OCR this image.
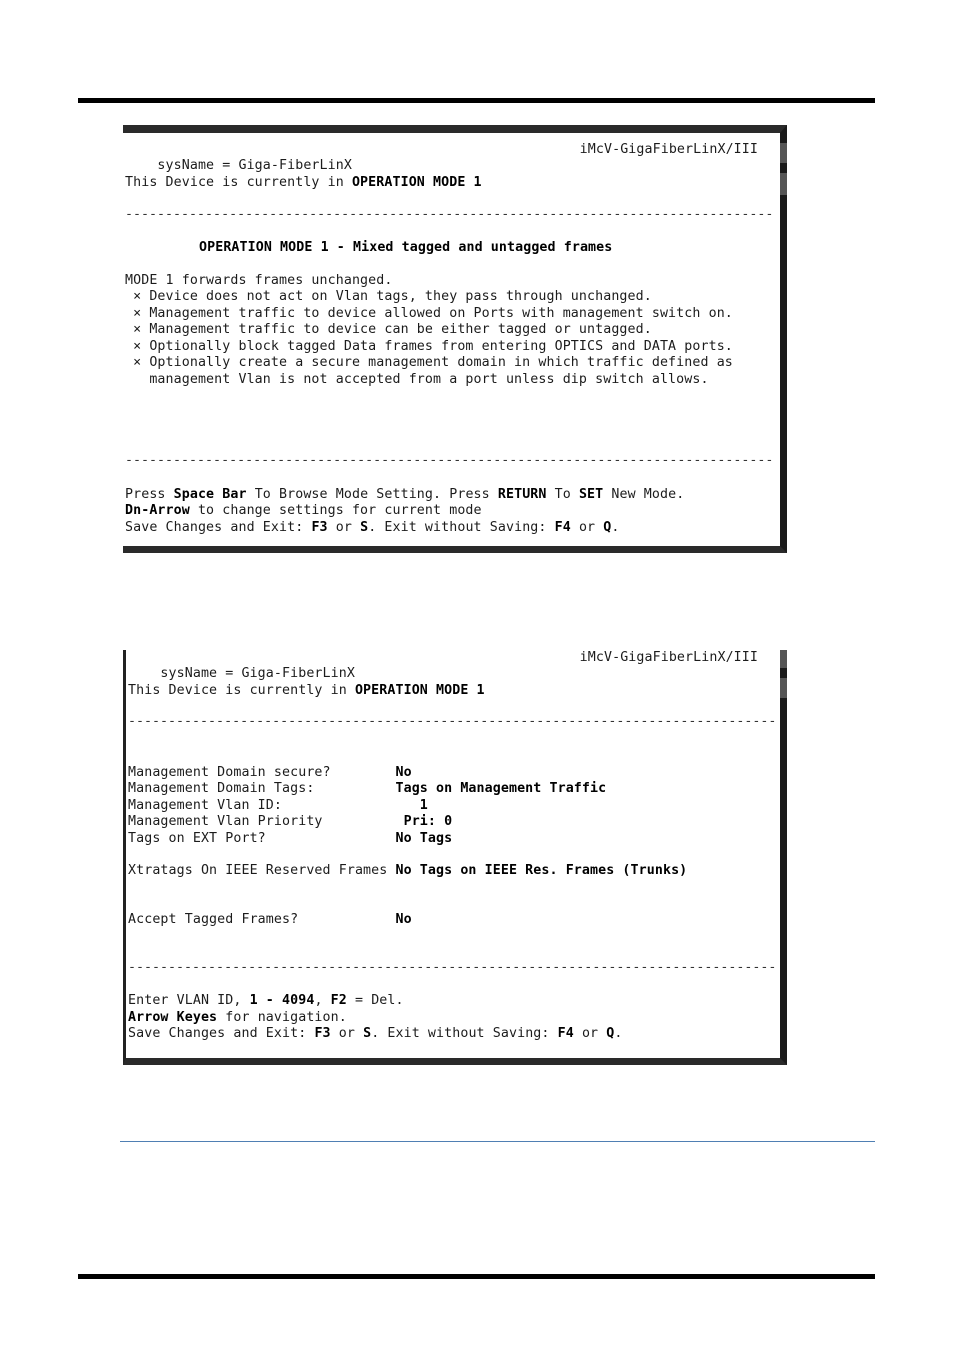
sysName = Giga-FiberLinX

iMcV-GigaFiberLinX/III

This Device is currently in OPERATION MODE 1
---------------------------------------------------------------------------------
OPERATION MODE 1 - Mixed tagged and untagged frames
MODE 1 forwards frames unchanged.
× Device does not act on Vlan tags, they pass through unchanged.
× Management traffic to device allowed on Ports with management switch on.
× Management traffic to device can be either tagged or untagged.
× Optionally block tagged Data frames from entering OPTICS and DATA ports.
× Optionally create a secure management domain in which traffic defined as
management Vlan is not accepted from a port unless dip switch allows.
---------------------------------------------------------------------------------
Press Space Bar To Browse Mode Setting. Press RETURN To SET New Mode.
Dn-Arrow to change settings for current mode
Save Changes and Exit: F3 or S. Exit without Saving: F4 or Q.

sysName = Giga-FiberLinX

iMcV-GigaFiberLinX/III

This Device is currently in OPERATION MODE 1
---------------------------------------------------------------------------------
Management Domain secure?        No
Management Domain Tags:          Tags on Management Traffic
Management Vlan ID:                 1
Management Vlan Priority          Pri: 0
Tags on EXT Port?                No Tags
Xtratags On IEEE Reserved Frames No Tags on IEEE Res. Frames (Trunks)
Accept Tagged Frames?            No
---------------------------------------------------------------------------------
Enter VLAN ID, 1 - 4094, F2 = Del.
Arrow Keyes for navigation.
Save Changes and Exit: F3 or S. Exit without Saving: F4 or Q.
